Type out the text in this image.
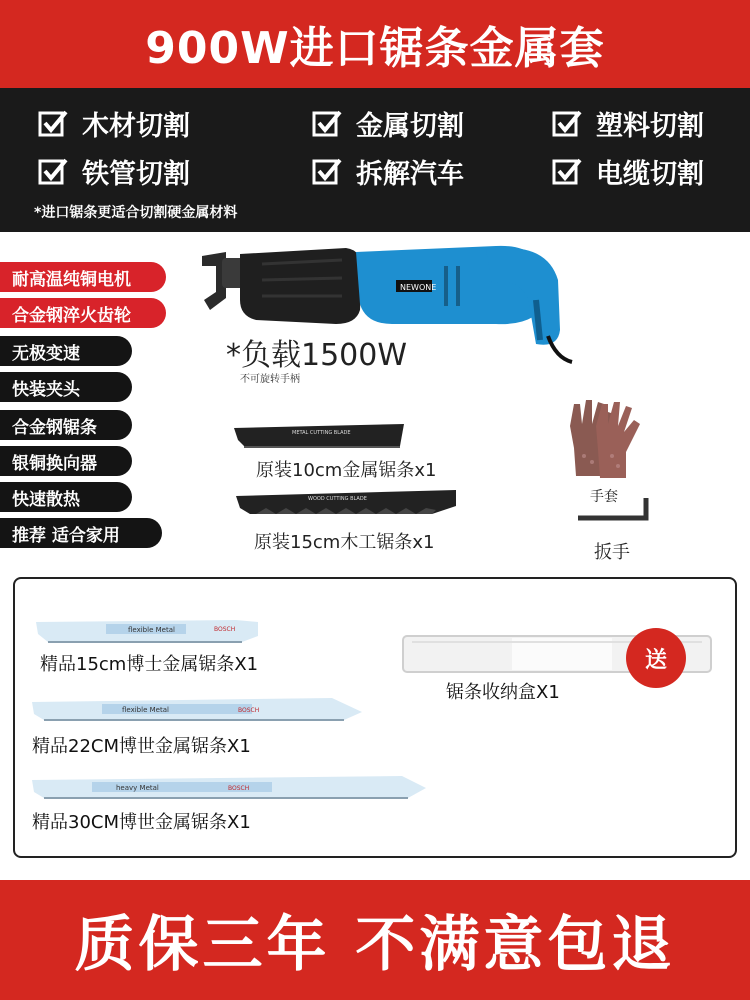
900W进口锯条金属套
木材切割	金属切割	塑料切割
铁管切割	拆解汽车	电缆切割
*进口锯条更适合切割硬金属材料
耐高温纯铜电机
合金钢淬火齿轮
无极变速
快装夹头
合金钢锯条
银铜换向器
快速散热
推荐 适合家用
NEWONE
*负载1500W
不可旋转手柄
METAL CUTTING BLADE
原装10cm金属锯条x1
WOOD CUTTING BLADE
原装15cm木工锯条x1
手套
扳手
flexible Metal	BOSCH
精品15cm博士金属锯条X1
flexible Metal	BOSCH
精品22CM博世金属锯条X1
heavy Metal	BOSCH
精品30CM博世金属锯条X1
送
锯条收纳盒X1
质保三年 不满意包退
